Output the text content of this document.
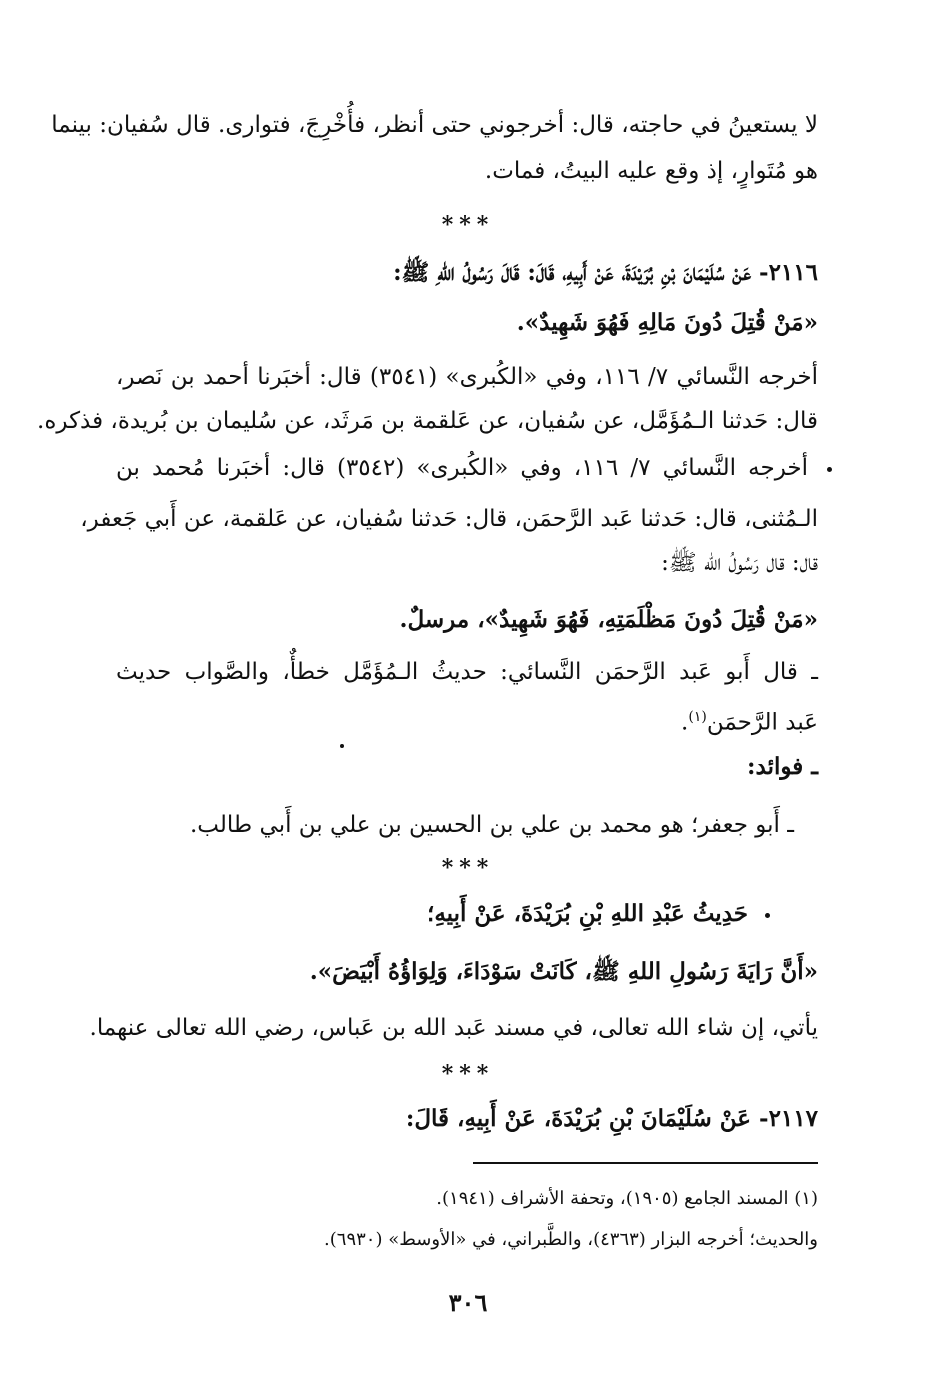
لا يستعينُ في حاجته، قال: أخرجوني حتى أنظر، فأُخْرِجَ، فتوارى. قال سُفيان: بينما
هو مُتَوارٍ، إذ وقع عليه البيتُ، فمات.
***
٢١١٦- عَنْ سُلَيْمَانَ بْنِ بُرَيْدَةَ، عَنْ أَبِيهِ، قَالَ: قَالَ رَسُولُ اللهِ ﷺ:
«مَنْ قُتِلَ دُونَ مَالِهِ فَهُوَ شَهِيدٌ».
أخرجه النَّسائي ٧/ ١١٦، وفي «الكُبرى» (٣٥٤١) قال: أخبَرنا أحمد بن نَصر،
قال: حَدثنا الـمُؤَمَّل، عن سُفيان، عن عَلقمة بن مَرثَد، عن سُليمان بن بُريدة، فذكره.
أخرجه النَّسائي ٧/ ١١٦، وفي «الكُبرى» (٣٥٤٢) قال: أخبَرنا مُحمد بن
الـمُثنى، قال: حَدثنا عَبد الرَّحمَن، قال: حَدثنا سُفيان، عن عَلقمة، عن أَبي جَعفر،
قال: قال رَسُولُ الله ﷺ:
«مَنْ قُتِلَ دُونَ مَظْلَمَتِهِ، فَهُوَ شَهِيدٌ»، مرسلٌ.
ـ قال أَبو عَبد الرَّحمَن النَّسائي: حديثُ الـمُؤَمَّل خطأٌ، والصَّواب حديث
عَبد الرَّحمَن$^{(١)}$.
ـ فوائد:
ـ أَبو جعفر؛ هو محمد بن علي بن الحسين بن علي بن أَبي طالب.
***
حَدِيثُ عَبْدِ اللهِ بْنِ بُرَيْدَةَ، عَنْ أَبِيهِ؛
«أَنَّ رَايَةَ رَسُولِ اللهِ ﷺ، كَانَتْ سَوْدَاءَ، وَلِوَاؤُهُ أَبْيَضَ».
يأتي، إن شاء الله تعالى، في مسند عَبد الله بن عَباس، رضي الله تعالى عنهما.
***
٢١١٧- عَنْ سُلَيْمَانَ بْنِ بُرَيْدَةَ، عَنْ أَبِيهِ، قَالَ:
(١) المسند الجامع (١٩٠٥)، وتحفة الأشراف (١٩٤١).
والحديث؛ أخرجه البزار (٤٣٦٣)، والطَّبراني، في «الأوسط» (٦٩٣٠).
٣٠٦
